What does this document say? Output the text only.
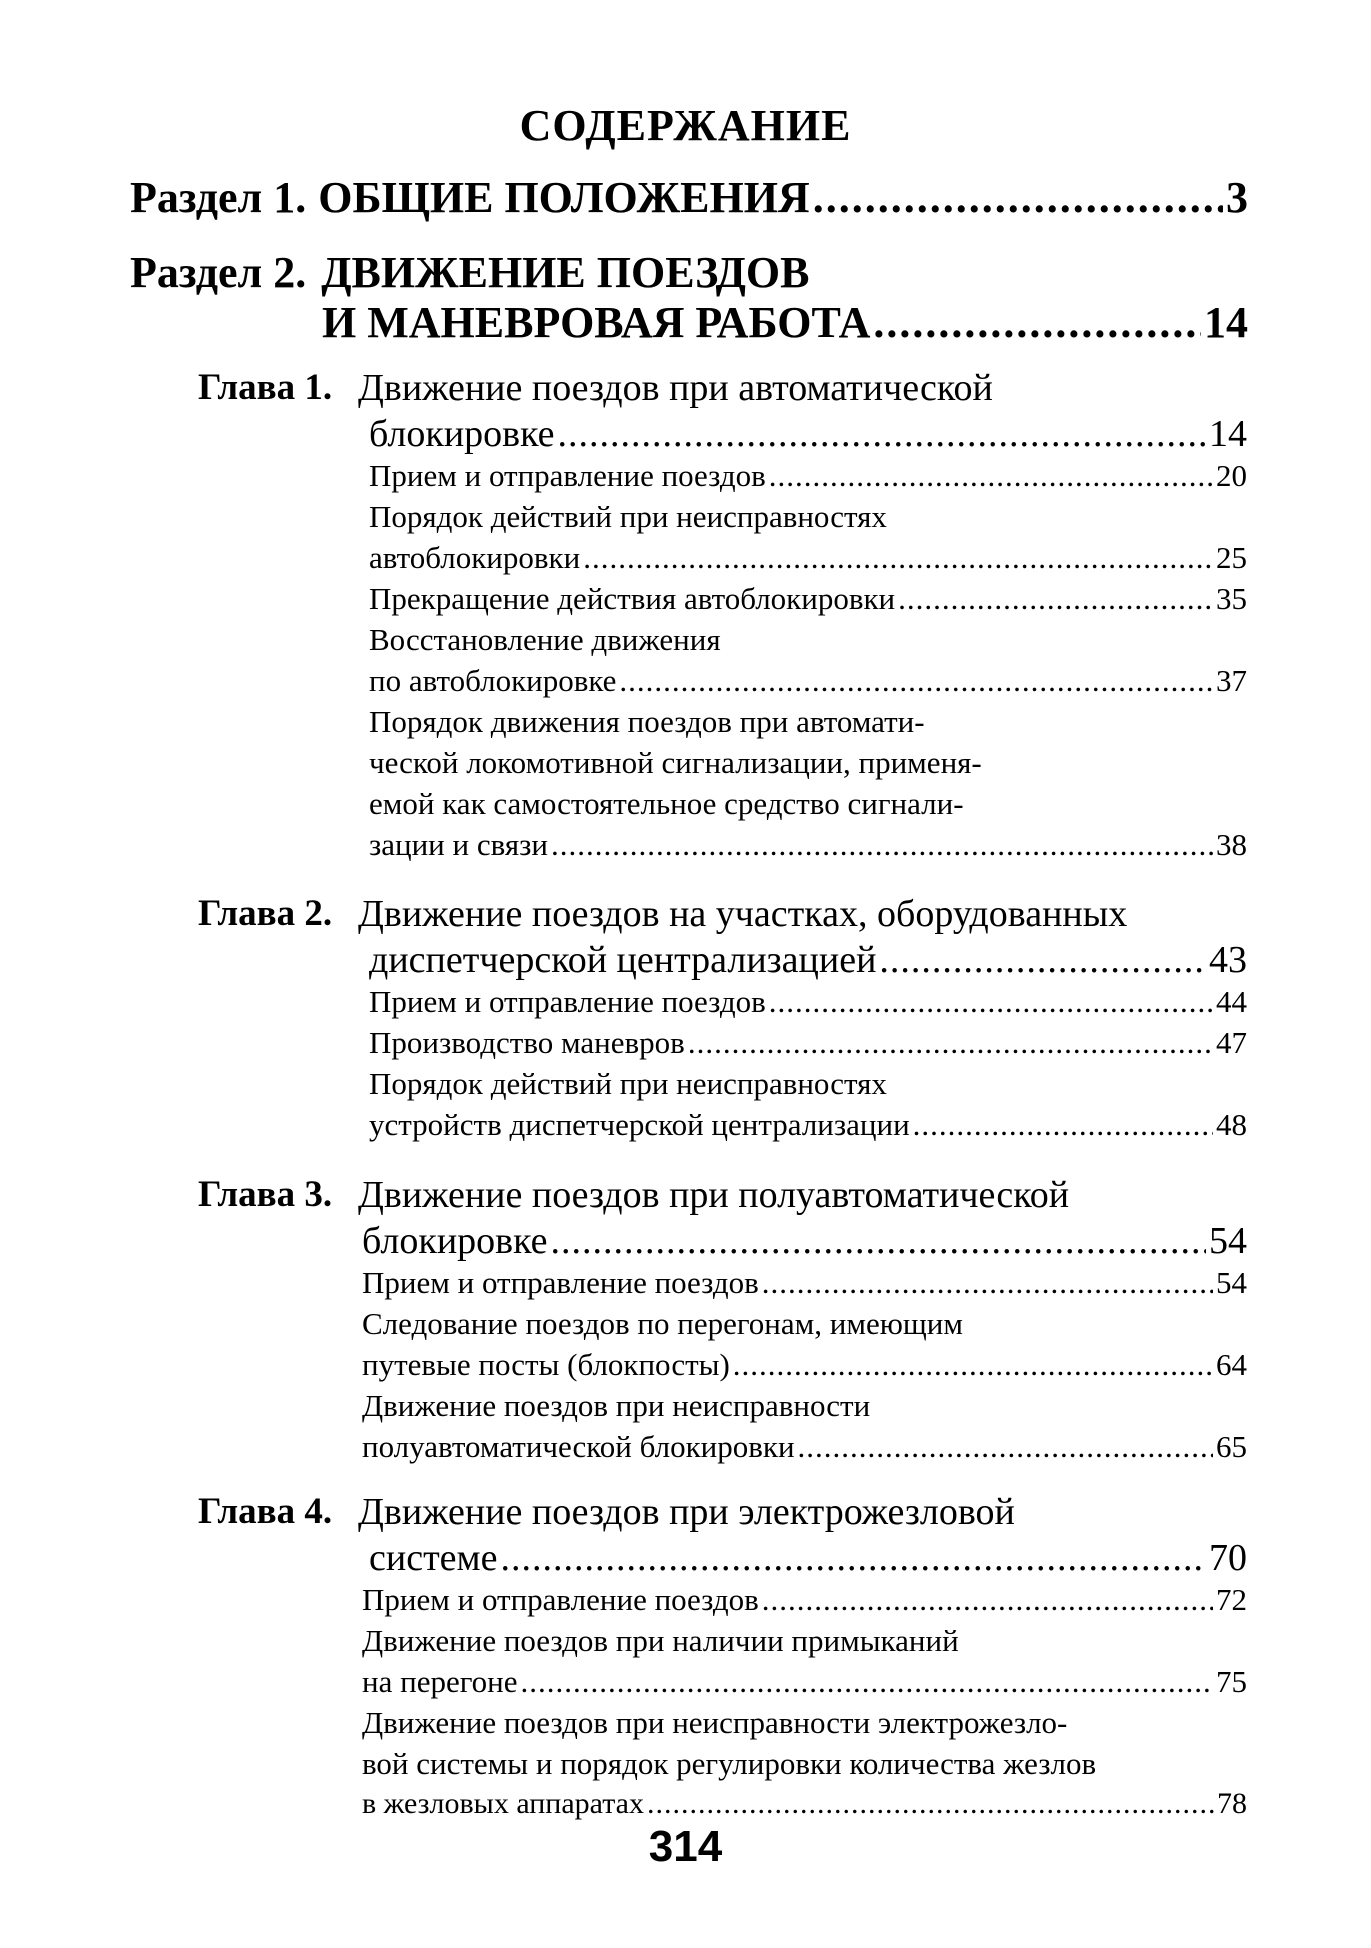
СОДЕРЖАНИЕ
Раздел 1. ОБЩИЕ ПОЛОЖЕНИЯ .....	3
Раздел 2. ДВИЖЕНИЕ ПОЕЗДОВ
И МАНЕВРОВАЯ РАБОТА .....	14
Глава 1. Движение поездов при автоматической
блокировке .....	14
Прием и отправление поездов .....	20
Порядок действий при неисправностях
автоблокировки .....	25
Прекращение действия автоблокировки .....	35
Восстановление движения
по автоблокировке .....	37
Порядок движения поездов при автомати-
ческой локомотивной сигнализации, применя-
емой как самостоятельное средство сигнали-
зации и связи .....	38
Глава 2. Движение поездов на участках, оборудованных
диспетчерской централизацией .....	43
Прием и отправление поездов .....	44
Производство маневров .....	47
Порядок действий при неисправностях
устройств диспетчерской централизации .....	48
Глава 3. Движение поездов при полуавтоматической
блокировке .....	54
Прием и отправление поездов .....	54
Следование поездов по перегонам, имеющим
путевые посты (блокпосты) .....	64
Движение поездов при неисправности
полуавтоматической блокировки .....	65
Глава 4. Движение поездов при электрожезловой
системе .....	70
Прием и отправление поездов .....	72
Движение поездов при наличии примыканий
на перегоне .....	75
Движение поездов при неисправности электрожезло-
вой системы и порядок регулировки количества жезлов
в жезловых аппаратах .....	78
314
